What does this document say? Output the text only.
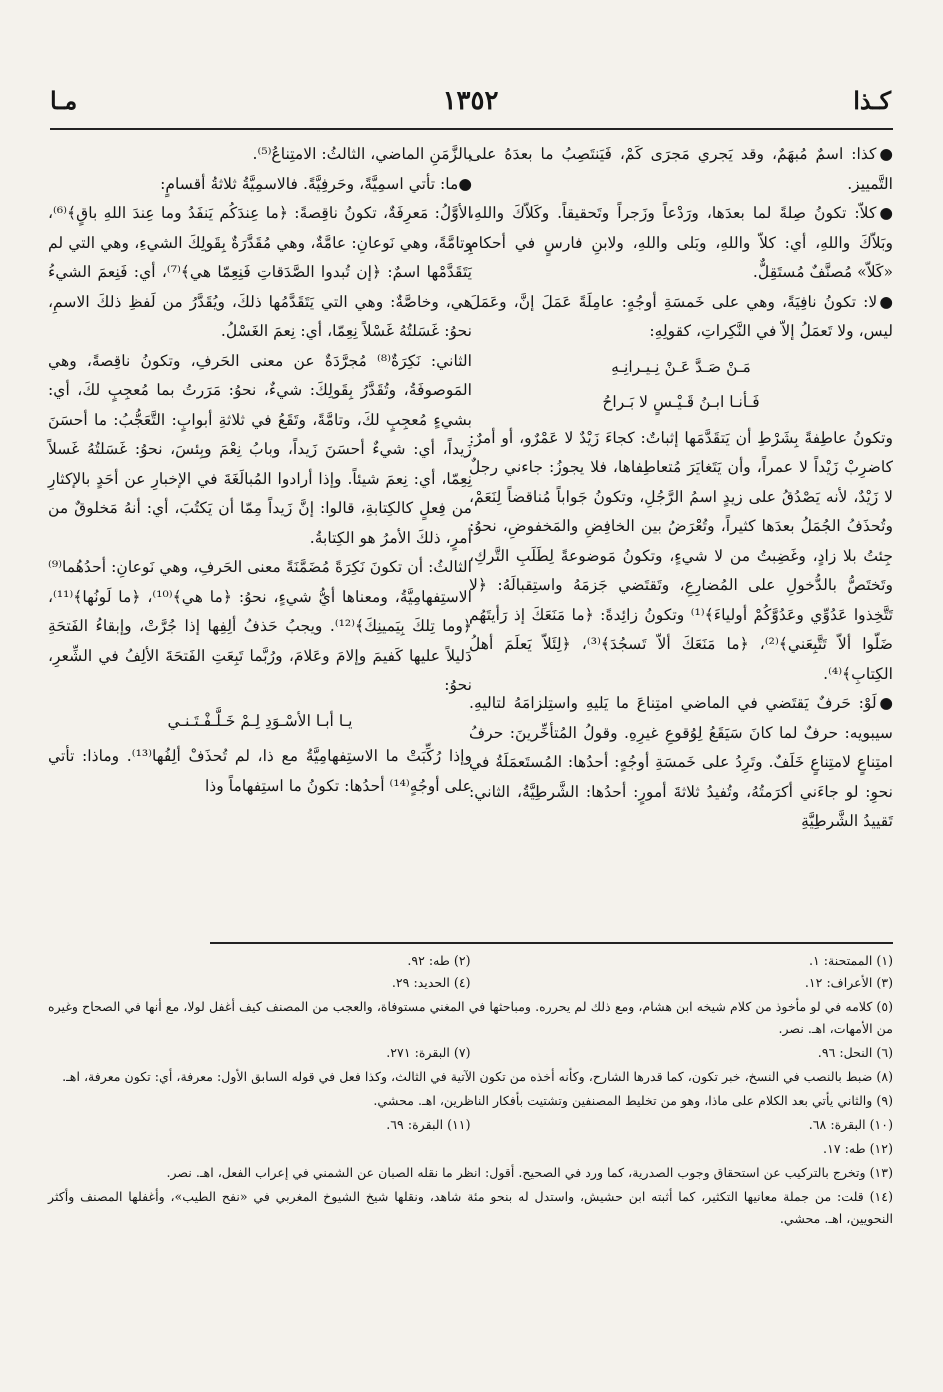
كـذا
١٣٥٢
مـا

●كذا: اسمٌ مُبهَمٌ، وقد يَجري مَجرَى كَمْ، فَيَنتَصِبُ ما بعدَهُ على التَّمييز.

●كلاّ: تكونُ صِلةً لما بعدَها، ورَدْعاً وزَجراً وتَحقيقاً. وكَلاّكَ واللهِ، وبَلاّكَ واللهِ، أي: كلاّ واللهِ، وبَلى واللهِ، ولابنِ فارسٍ في أحكامِ «كَلاّ» مُصنَّفٌ مُستَقِلٌّ.

●لا: تكونُ نافِيَةً، وهي على خَمسَةِ أوجُهٍ: عامِلَةً عَمَلَ إنَّ، وعَمَلَ ليس، ولا تَعمَلُ إلاّ في النَّكِراتِ، كقولِهِ:

مَـنْ صَـدَّ عَـنْ نِـيـرانِـهِ

فَـأنـا ابـنُ قَـيْـسٍ لا بَـراحُ

وتكونُ عاطِفةً بِشَرْطِ أن يَتقَدَّمَها إثباتٌ: كجاءَ زَيْدٌ لا عَمْرٌو، أو أمرٌ: كاضرِبْ زَيْداً لا عمراً، وأن يَتَغايَرَ مُتعاطِفاها، فلا يجوزُ: جاءني رجلٌ لا زَيْدٌ، لأنه يَصْدُقُ على زيدٍ اسمُ الرَّجُلِ، وتكونُ جَواباً مُناقضاً لِنَعَمْ، وتُحذَفُ الجُمَلُ بعدَها كثيراً، وتُعْرَضُ بين الخافِضِ والمَخفوضِ، نحوُ: جِئتُ بلا زادٍ، وغَضِبتُ من لا شيءٍ، وتكونُ مَوضوعةً لِطَلَبِ التَّركِ، وتَختَصُّ بالدُّخولِ على المُضارِعِ، وتَقتَضي جَزمَهُ واستِقبالَهُ: ﴿لا تَتَّخِذوا عَدُوِّي وعَدُوَّكُمْ أولياءَ﴾⁽¹⁾ وتكونُ زائِدةً: ﴿ما مَنَعَكَ إذ رَأيتَهُم ضَلّوا ألاّ تَتَّبِعَني﴾⁽²⁾، ﴿ما مَنَعَكَ ألاّ تَسجُدَ﴾⁽³⁾، ﴿لِئَلاّ يَعلَمَ أهلُ الكِتابِ﴾⁽⁴⁾.

●لَوْ: حَرفٌ يَقتَضي في الماضي امتِناعَ ما يَليهِ واستِلزامَهُ لتاليهِ. سيبويه: حرفٌ لما كانَ سَيَقَعُ لِوُقوعِ غيرِهِ. وقولُ المُتأخِّرينَ: حرفُ امتِناعٍ لامتِناعٍ خَلَفٌ. وتَرِدُ على خَمسَةِ أوجُهٍ: أحدُها: المُستَعمَلَةُ في نحوِ: لو جاءَني أكرَمتُهُ، وتُفيدُ ثلاثةَ أمورٍ: أحدُها: الشَّرطِيَّةُ، الثاني: تَقييدُ الشَّرطِيَّةِ

بالزَّمَنِ الماضي، الثالثُ: الامتِناعُ⁽⁵⁾.

●ما: تأتي اسمِيَّةً، وحَرفِيَّةً. فالاسمِيَّةُ ثلاثةُ أقسامٍ:

الأوَّلُ: مَعرِفَةٌ، تكونُ ناقِصةً: ﴿ما عِندَكُم يَنفَدُ وما عِندَ اللهِ باقٍ﴾⁽⁶⁾، وتامَّةً، وهي نَوعانِ: عامَّةٌ، وهي مُقَدَّرَةٌ بِقَولِكَ الشيءِ، وهي التي لم يَتَقَدَّمْها اسمٌ: ﴿إن تُبدوا الصَّدَقاتِ فَنِعِمّا هي﴾⁽⁷⁾، أي: فَنِعمَ الشيءُ هي، وخاصَّةٌ: وهي التي يَتَقَدَّمُها ذلكَ، ويُقَدَّرُ من لَفظِ ذلكَ الاسمِ، نحوُ: غَسَلتُهُ غَسْلاً نِعِمّا، أي: نِعمَ الغَسْلُ.

الثاني: نَكِرَةٌ⁽⁸⁾ مُجرَّدَةٌ عن معنى الحَرفِ، وتكونُ ناقِصةً، وهي المَوصوفَةُ، وتُقَدَّرُ بِقَولِكَ: شيءٌ، نحوُ: مَرَرتُ بما مُعجِبٍ لكَ، أي: بشيءٍ مُعجِبٍ لكَ، وتامَّةً، وتَقَعُ في ثلاثةِ أبوابٍ: التَّعَجُّبُ: ما أحسَنَ زَيداً، أي: شيءٌ أحسَنَ زَيداً، وبابُ نِعْمَ وبِئسَ، نحوُ: غَسَلتُهُ غَسلاً نِعِمّا، أي: نِعمَ شيئاً. وإذا أرادوا المُبالَغَةَ في الإخبارِ عن أحَدٍ بالإكثارِ من فِعلٍ كالكِتابةِ، قالوا: إنَّ زَيداً مِمّا أن يَكتُبَ، أي: أنهُ مَخلوقٌ من أمرٍ، ذلكَ الأمرُ هو الكِتابةُ.

الثالثُ: أن تكونَ نَكِرَةً مُضَمَّنَةً معنى الحَرفِ، وهي نَوعانِ: أحدُهُما⁽⁹⁾ الاستِفهامِيَّةُ، ومعناها أيُّ شيءٍ، نحوُ: ﴿ما هي﴾⁽¹⁰⁾، ﴿ما لَونُها﴾⁽¹¹⁾، ﴿وما تِلكَ بِيَمينِكَ﴾⁽¹²⁾. ويجبُ حَذفُ ألِفِها إذا جُرَّتْ، وإبقاءُ الفَتحَةِ دَليلاً عليها كَفيمَ وإلامَ وعَلامَ، ورُبَّما تَبِعَتِ الفَتحَةَ الألِفُ في الشِّعرِ، نحوُ:

يـا أبـا الأسْـوَدِ لِـمْ خَـلَّـفْـتَـنـي

وإذا رُكِّبَتْ ما الاستِفهامِيَّةُ مع ذا، لم تُحذَفْ ألِفُها⁽¹³⁾. وماذا: تأتي على أوجُهٍ⁽¹⁴⁾ أحدُها: تكونُ ما استِفهاماً وذا

(١) الممتحنة: ١.
(٢) طه: ٩٢.
(٣) الأعراف: ١٢.
(٤) الحديد: ٢٩.
(٥) كلامه في لو مأخوذ من كلام شيخه ابن هشام، ومع ذلك لم يحرره. ومباحثها في المغني مستوفاة، والعجب من المصنف كيف أغفل لولا، مع أنها في الصحاح وغيره من الأمهات، اهـ. نصر.
(٦) النحل: ٩٦.
(٧) البقرة: ٢٧١.
(٨) ضبط بالنصب في النسخ، خبر تكون، كما قدرها الشارح، وكأنه أخذه من تكون الآتية في الثالث، وكذا فعل في قوله السابق الأول: معرفة، أي: تكون معرفة، اهـ.
(٩) والثاني يأتي بعد الكلام على ماذا، وهو من تخليط المصنفين وتشتيت بأفكار الناظرين، اهـ. محشي.
(١٠) البقرة: ٦٨.
(١١) البقرة: ٦٩.
(١٢) طه: ١٧.
(١٣) وتخرج بالتركيب عن استحقاق وجوب الصدرية، كما ورد في الصحيح. أقول: انظر ما نقله الصبان عن الشمني في إعراب الفعل، اهـ. نصر.
(١٤) قلت: من جملة معانيها التكثير، كما أثبته ابن حشيش، واستدل له بنحو مئة شاهد، ونقلها شيخ الشيوخ المغربي في «نفح الطيب»، وأغفلها المصنف وأكثر النحويين، اهـ. محشي.
